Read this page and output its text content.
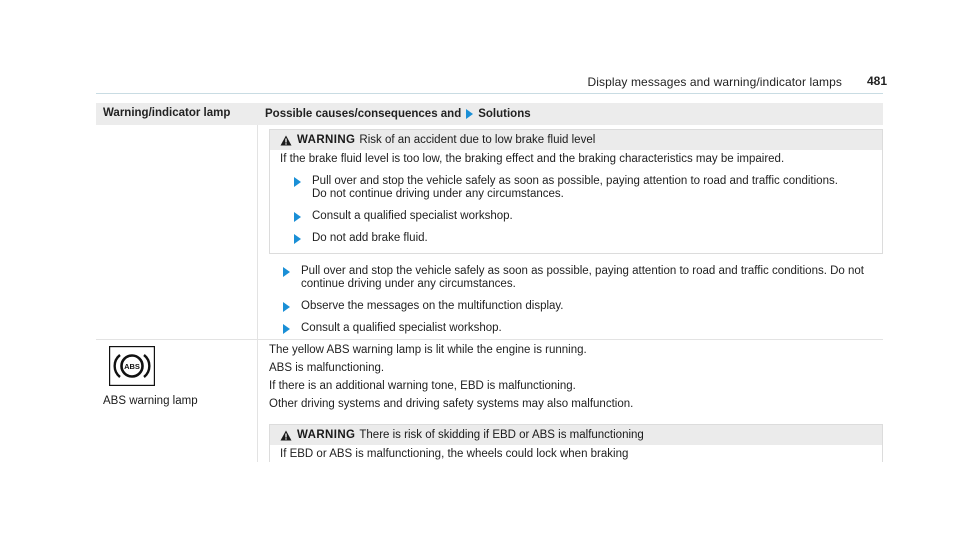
Display messages and warning/indicator lamps 481
Warning/indicator lamp	Possible causes/consequences and Solutions
WARNING Risk of an accident due to low brake fluid level

If the brake fluid level is too low, the braking effect and the braking characteristics may be impaired.

Pull over and stop the vehicle safely as soon as possible, paying attention to road and traffic conditions. Do not continue driving under any circumstances.
Consult a qualified specialist workshop.
Do not add brake fluid.
Pull over and stop the vehicle safely as soon as possible, paying attention to road and traffic conditions. Do not continue driving under any circumstances.
Observe the messages on the multifunction display.
Consult a qualified specialist workshop.
ABS
ABS warning lamp

The yellow ABS warning lamp is lit while the engine is running.

ABS is malfunctioning.

If there is an additional warning tone, EBD is malfunctioning.

Other driving systems and driving safety systems may also malfunction.

WARNING There is risk of skidding if EBD or ABS is malfunctioning

If EBD or ABS is malfunctioning, the wheels could lock when braking
